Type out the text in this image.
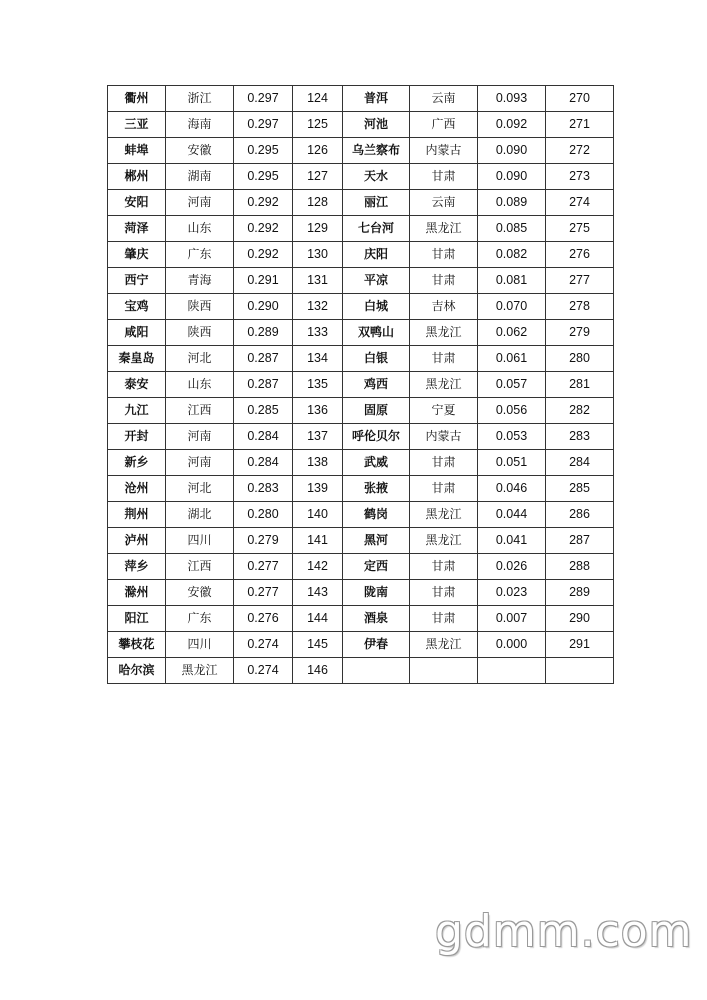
衢州	浙江	0.297	124	普洱	云南	0.093	270
三亚	海南	0.297	125	河池	广西	0.092	271
蚌埠	安徽	0.295	126	乌兰察布	内蒙古	0.090	272
郴州	湖南	0.295	127	天水	甘肃	0.090	273
安阳	河南	0.292	128	丽江	云南	0.089	274
菏泽	山东	0.292	129	七台河	黑龙江	0.085	275
肇庆	广东	0.292	130	庆阳	甘肃	0.082	276
西宁	青海	0.291	131	平凉	甘肃	0.081	277
宝鸡	陕西	0.290	132	白城	吉林	0.070	278
咸阳	陕西	0.289	133	双鸭山	黑龙江	0.062	279
秦皇岛	河北	0.287	134	白银	甘肃	0.061	280
泰安	山东	0.287	135	鸡西	黑龙江	0.057	281
九江	江西	0.285	136	固原	宁夏	0.056	282
开封	河南	0.284	137	呼伦贝尔	内蒙古	0.053	283
新乡	河南	0.284	138	武威	甘肃	0.051	284
沧州	河北	0.283	139	张掖	甘肃	0.046	285
荆州	湖北	0.280	140	鹤岗	黑龙江	0.044	286
泸州	四川	0.279	141	黑河	黑龙江	0.041	287
萍乡	江西	0.277	142	定西	甘肃	0.026	288
滁州	安徽	0.277	143	陇南	甘肃	0.023	289
阳江	广东	0.276	144	酒泉	甘肃	0.007	290
攀枝花	四川	0.274	145	伊春	黑龙江	0.000	291
哈尔滨	黑龙江	0.274	146				
gdmm.com
